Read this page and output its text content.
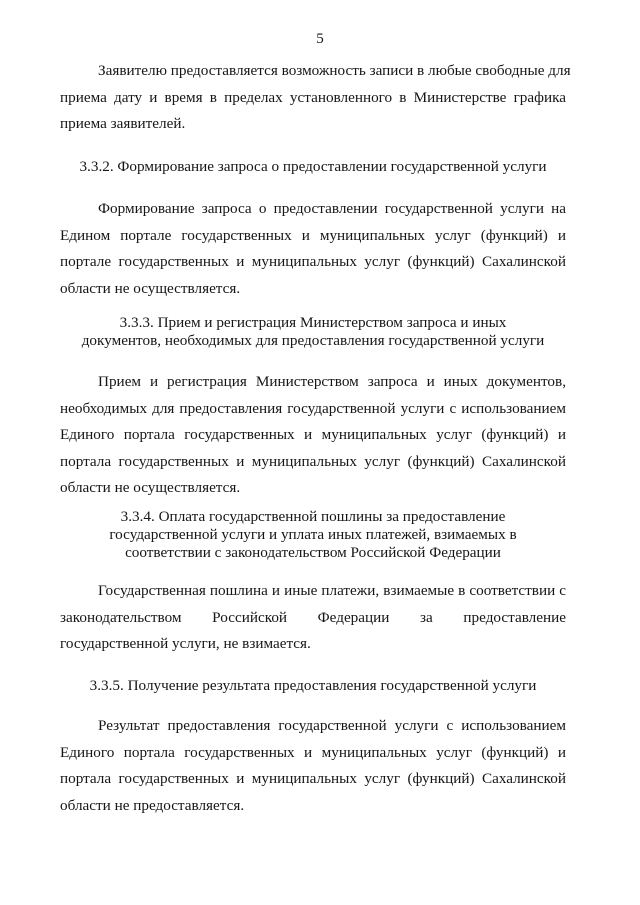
5
Заявителю предоставляется возможность записи в любые свободные для
приема дату и время в пределах установленного в Министерстве графика
приема заявителей.
3.3.2. Формирование запроса о предоставлении государственной услуги
Формирование запроса о предоставлении государственной услуги на
Едином портале государственных и муниципальных услуг (функций) и
портале государственных и муниципальных услуг (функций) Сахалинской
области не осуществляется.
3.3.3. Прием и регистрация Министерством запроса и иных
документов, необходимых для предоставления государственной услуги
Прием и регистрация Министерством запроса и иных документов,
необходимых для предоставления государственной услуги с использованием
Единого портала государственных и муниципальных услуг (функций) и
портала государственных и муниципальных услуг (функций) Сахалинской
области не осуществляется.
3.3.4. Оплата государственной пошлины за предоставление
государственной услуги и уплата иных платежей, взимаемых в
соответствии с законодательством Российской Федерации
Государственная пошлина и иные платежи, взимаемые в соответствии с
законодательством Российской Федерации за предоставление
государственной услуги, не взимается.
3.3.5. Получение результата предоставления государственной услуги
Результат предоставления государственной услуги с использованием
Единого портала государственных и муниципальных услуг (функций) и
портала государственных и муниципальных услуг (функций) Сахалинской
области не предоставляется.
